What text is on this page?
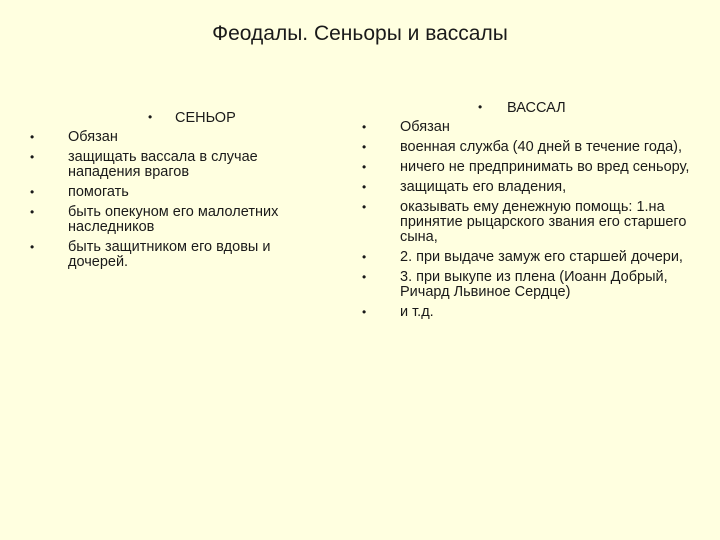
Феодалы. Сеньоры и вассалы
• СЕНЬОР
•	Обязан
•	защищать вассала в случае нападения врагов
•	помогать
•	быть опекуном его малолетних наследников
•	быть защитником его вдовы и дочерей.
• ВАССАЛ
•	Обязан
•	военная служба (40 дней в течение года),
•	ничего не предпринимать во вред сеньору,
•	защищать его владения,
•	оказывать ему денежную помощь: 1.на принятие рыцарского звания его старшего сына,
•	2. при выдаче замуж его старшей дочери,
•	3. при выкупе из плена (Иоанн Добрый, Ричард Львиное Сердце)
•	и т.д.
